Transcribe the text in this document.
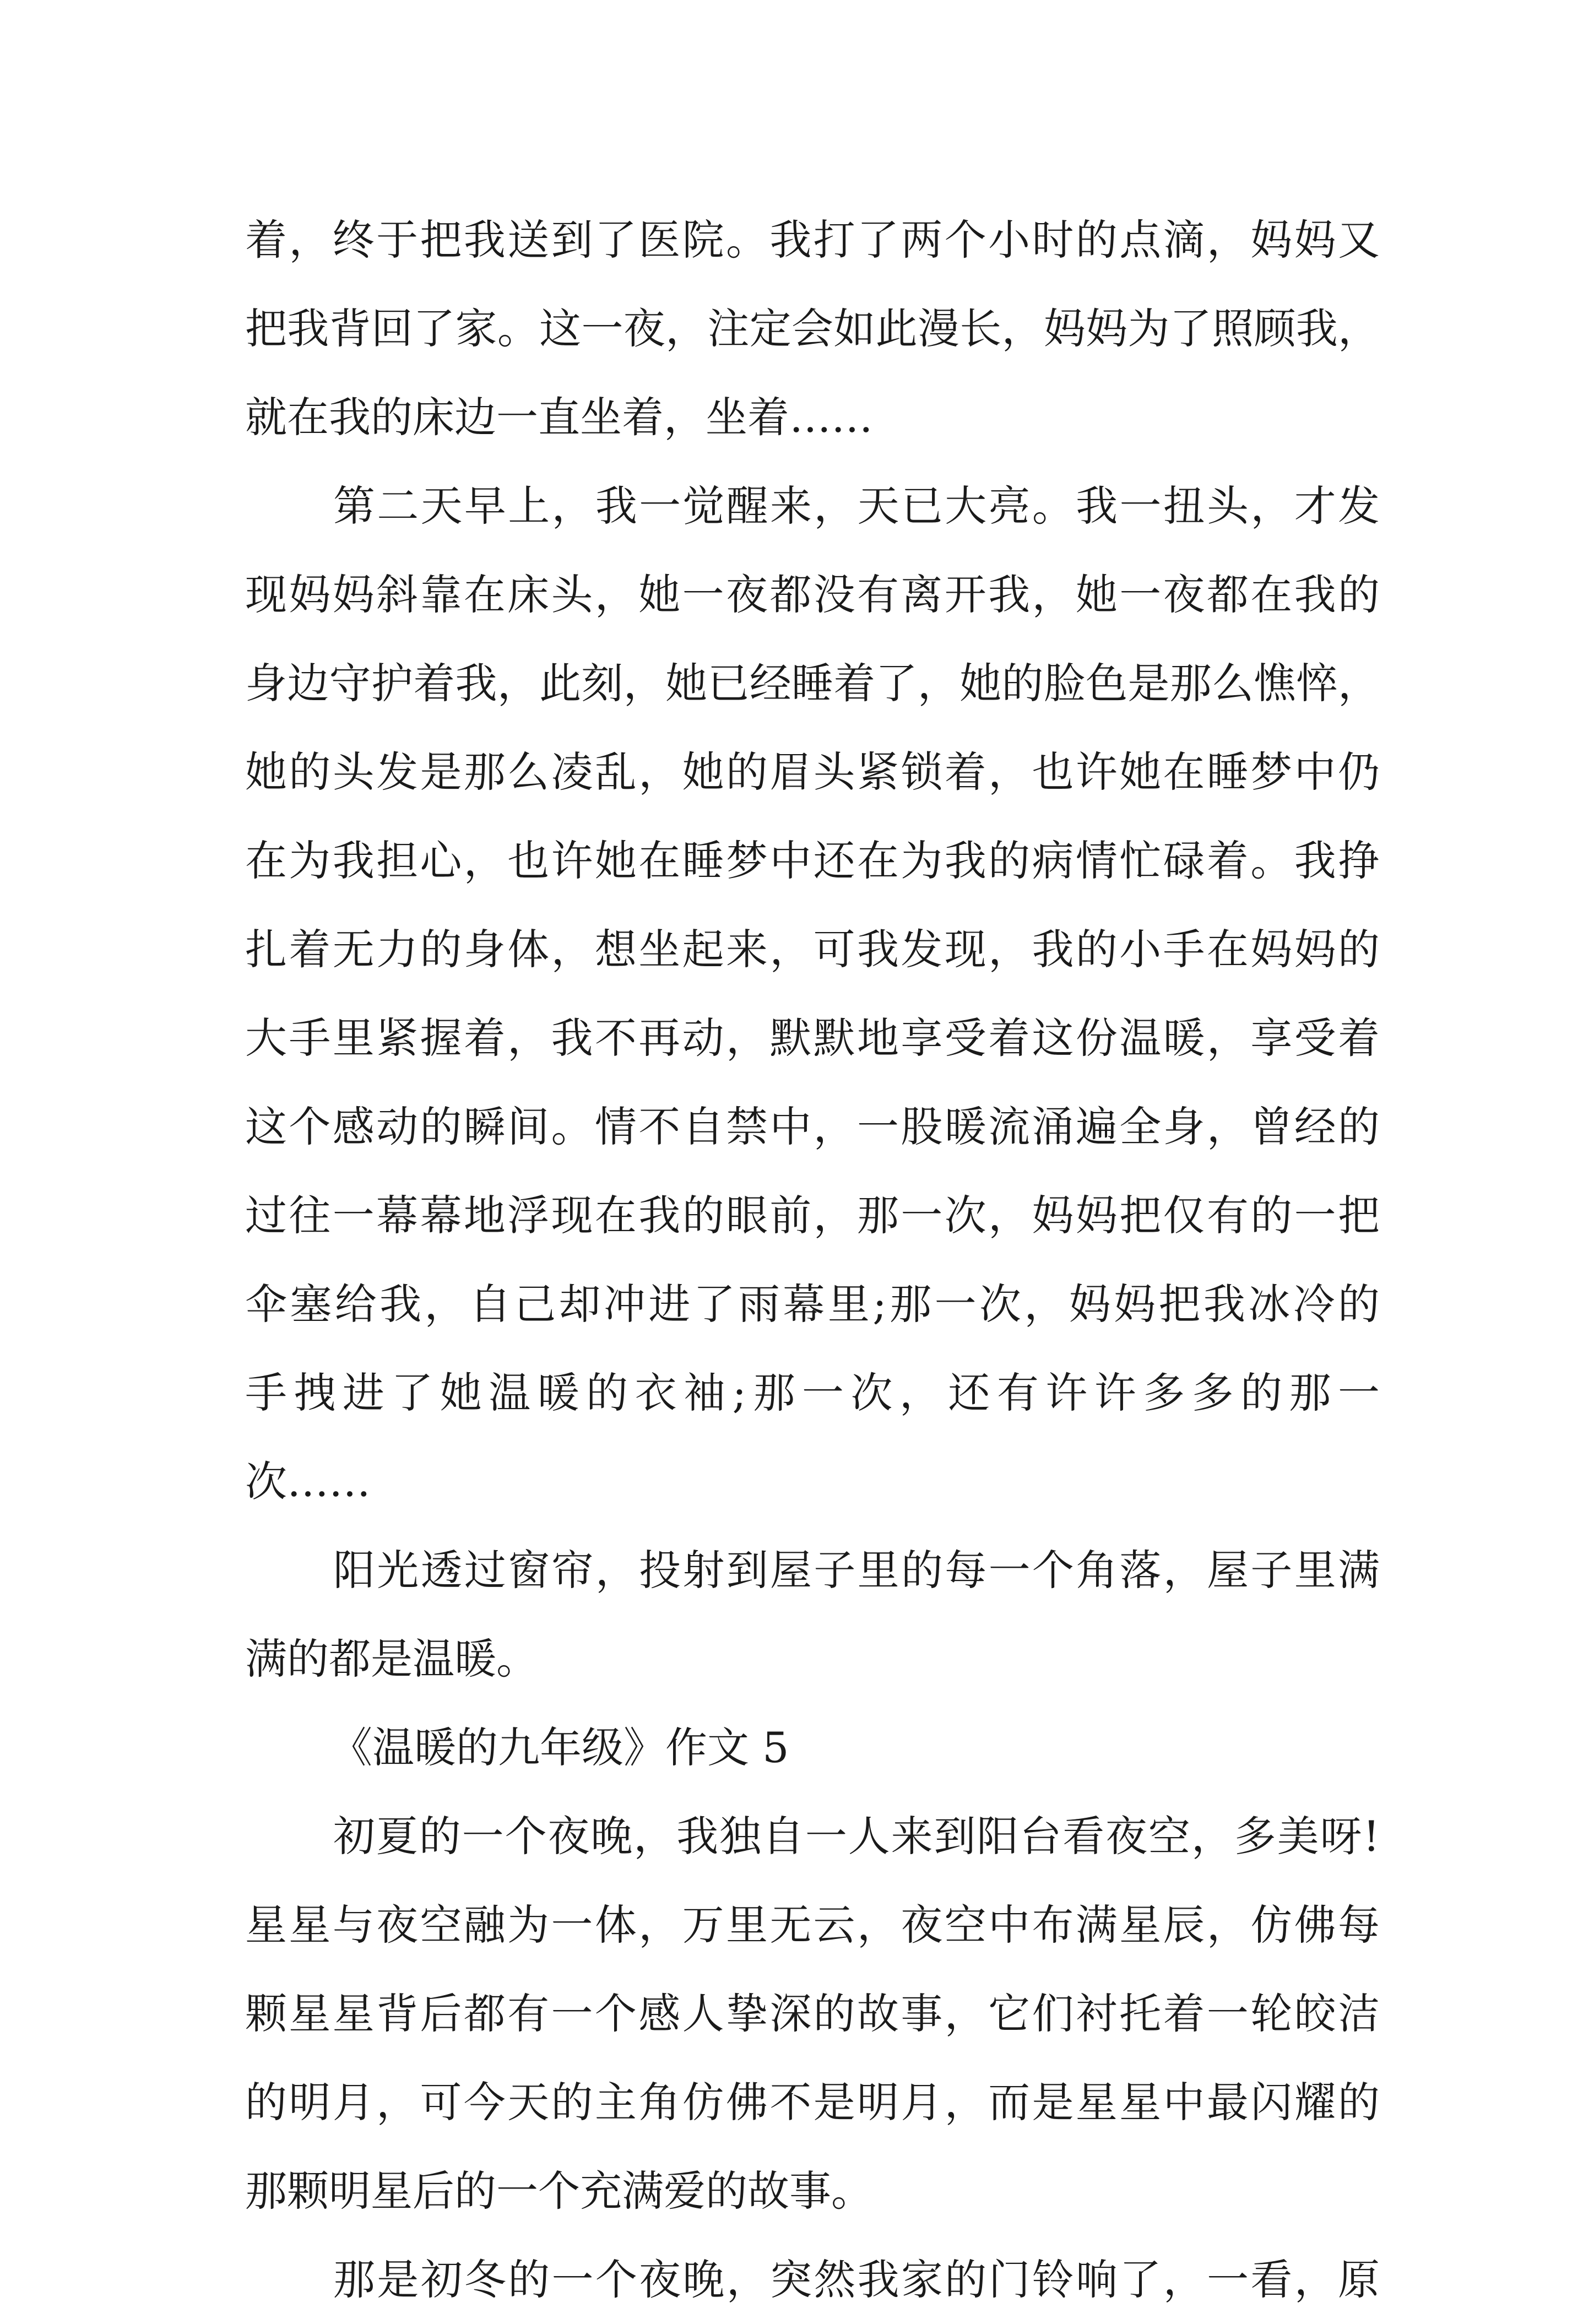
着，终于把我送到了医院。我打了两个小时的点滴，妈妈又
把我背回了家。这一夜，注定会如此漫长，妈妈为了照顾我，
就在我的床边一直坐着，坐着……
第二天早上，我一觉醒来，天已大亮。我一扭头，才发
现妈妈斜靠在床头，她一夜都没有离开我，她一夜都在我的
身边守护着我，此刻，她已经睡着了，她的脸色是那么憔悴，
她的头发是那么凌乱，她的眉头紧锁着，也许她在睡梦中仍
在为我担心，也许她在睡梦中还在为我的病情忙碌着。我挣
扎着无力的身体，想坐起来，可我发现，我的小手在妈妈的
大手里紧握着，我不再动，默默地享受着这份温暖，享受着
这个感动的瞬间。情不自禁中，一股暖流涌遍全身，曾经的
过往一幕幕地浮现在我的眼前，那一次，妈妈把仅有的一把
伞塞给我，自己却冲进了雨幕里;那一次，妈妈把我冰冷的
手拽进了她温暖的衣袖;那一次，还有许许多多的那一
次……
阳光透过窗帘，投射到屋子里的每一个角落，屋子里满
满的都是温暖。
《温暖的九年级》作文 5
初夏的一个夜晚，我独自一人来到阳台看夜空，多美呀!
星星与夜空融为一体，万里无云，夜空中布满星辰，仿佛每
颗星星背后都有一个感人挚深的故事，它们衬托着一轮皎洁
的明月，可今天的主角仿佛不是明月，而是星星中最闪耀的
那颗明星后的一个充满爱的故事。
那是初冬的一个夜晚，突然我家的门铃响了，一看，原
